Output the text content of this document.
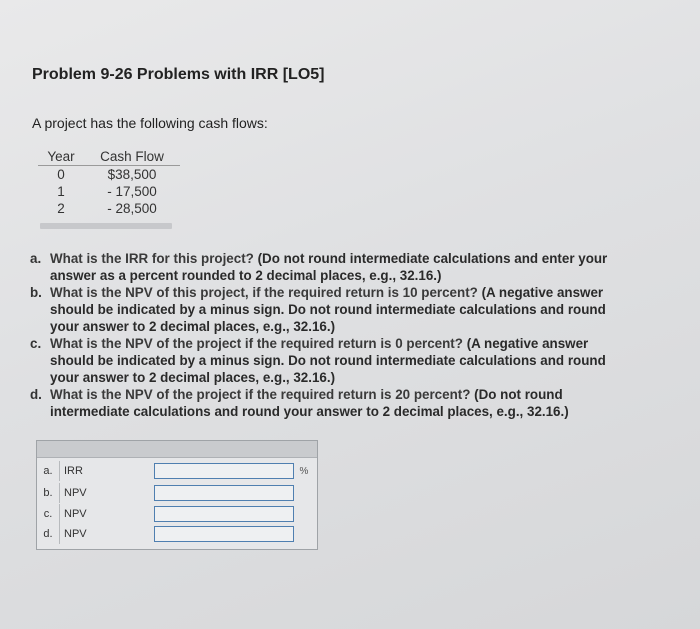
Problem 9-26 Problems with IRR [LO5]
A project has the following cash flows:
Year	Cash Flow
0	$38,500
1	- 17,500
2	- 28,500
a. What is the IRR for this project? (Do not round intermediate calculations and enter your answer as a percent rounded to 2 decimal places, e.g., 32.16.)
b. What is the NPV of this project, if the required return is 10 percent? (A negative answer should be indicated by a minus sign. Do not round intermediate calculations and round your answer to 2 decimal places, e.g., 32.16.)
c. What is the NPV of the project if the required return is 0 percent? (A negative answer should be indicated by a minus sign. Do not round intermediate calculations and round your answer to 2 decimal places, e.g., 32.16.)
d. What is the NPV of the project if the required return is 20 percent? (Do not round intermediate calculations and round your answer to 2 decimal places, e.g., 32.16.)
a.	IRR	%
b.	NPV
c.	NPV
d.	NPV
